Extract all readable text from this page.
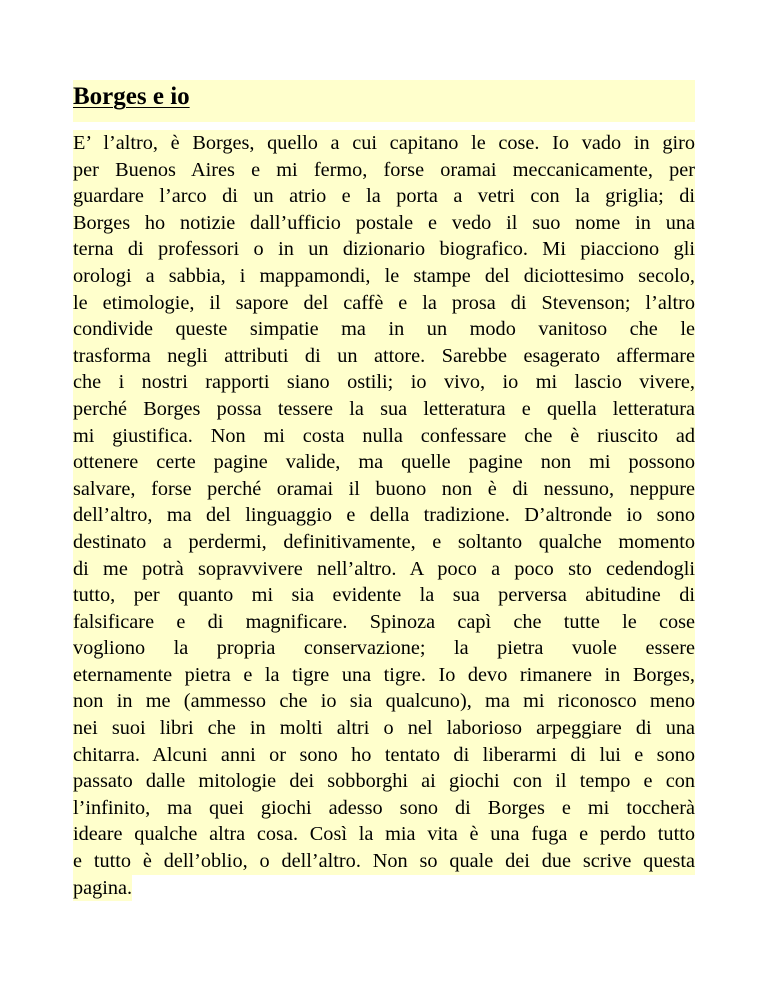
Borges e io
E’ l’altro, è Borges, quello a cui capitano le cose. Io vado in giro
per Buenos Aires e mi fermo, forse oramai meccanicamente, per
guardare l’arco di un atrio e la porta a vetri con la griglia; di
Borges ho notizie dall’ufficio postale e vedo il suo nome in una
terna di professori o in un dizionario biografico. Mi piacciono gli
orologi a sabbia, i mappamondi, le stampe del diciottesimo secolo,
le etimologie, il sapore del caffè e la prosa di Stevenson; l’altro
condivide queste simpatie ma in un modo vanitoso che le
trasforma negli attributi di un attore. Sarebbe esagerato affermare
che i nostri rapporti siano ostili; io vivo, io mi lascio vivere,
perché Borges possa tessere la sua letteratura e quella letteratura
mi giustifica. Non mi costa nulla confessare che è riuscito ad
ottenere certe pagine valide, ma quelle pagine non mi possono
salvare, forse perché oramai il buono non è di nessuno, neppure
dell’altro, ma del linguaggio e della tradizione. D’altronde io sono
destinato a perdermi, definitivamente, e soltanto qualche momento
di me potrà sopravvivere nell’altro. A poco a poco sto cedendogli
tutto, per quanto mi sia evidente la sua perversa abitudine di
falsificare e di magnificare. Spinoza capì che tutte le cose
vogliono la propria conservazione; la pietra vuole essere
eternamente pietra e la tigre una tigre. Io devo rimanere in Borges,
non in me (ammesso che io sia qualcuno), ma mi riconosco meno
nei suoi libri che in molti altri o nel laborioso arpeggiare di una
chitarra. Alcuni anni or sono ho tentato di liberarmi di lui e sono
passato dalle mitologie dei sobborghi ai giochi con il tempo e con
l’infinito, ma quei giochi adesso sono di Borges e mi toccherà
ideare qualche altra cosa. Così la mia vita è una fuga e perdo tutto
e tutto è dell’oblio, o dell’altro. Non so quale dei due scrive questa
pagina.
